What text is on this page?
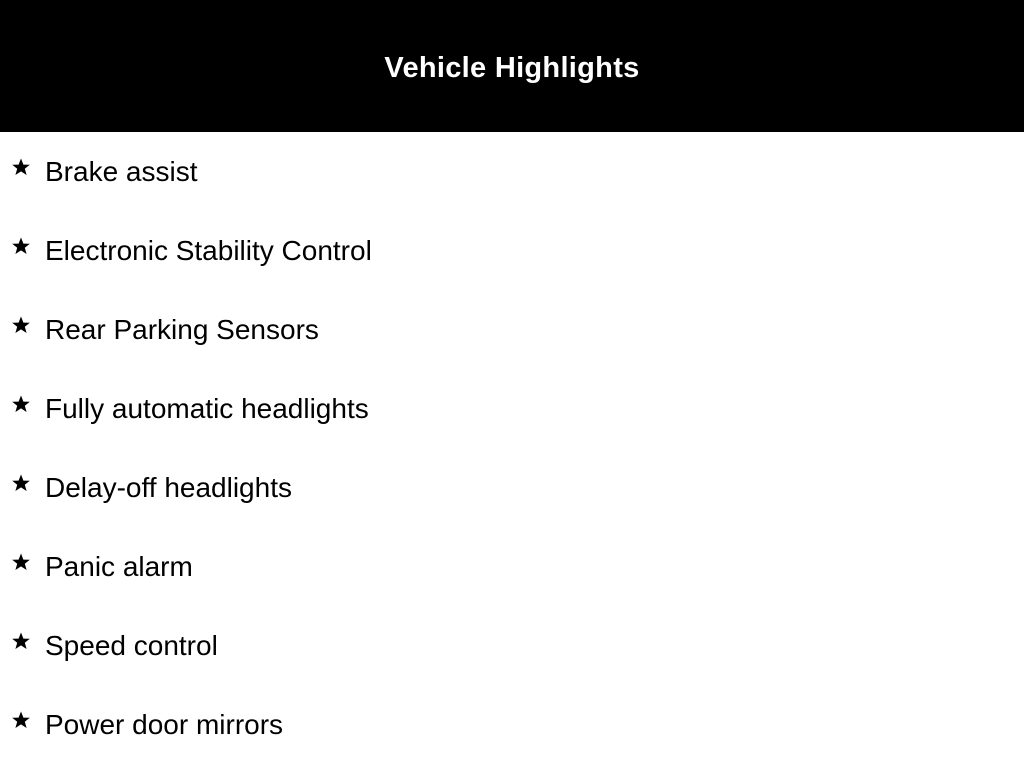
Vehicle Highlights
Brake assist
Electronic Stability Control
Rear Parking Sensors
Fully automatic headlights
Delay-off headlights
Panic alarm
Speed control
Power door mirrors
